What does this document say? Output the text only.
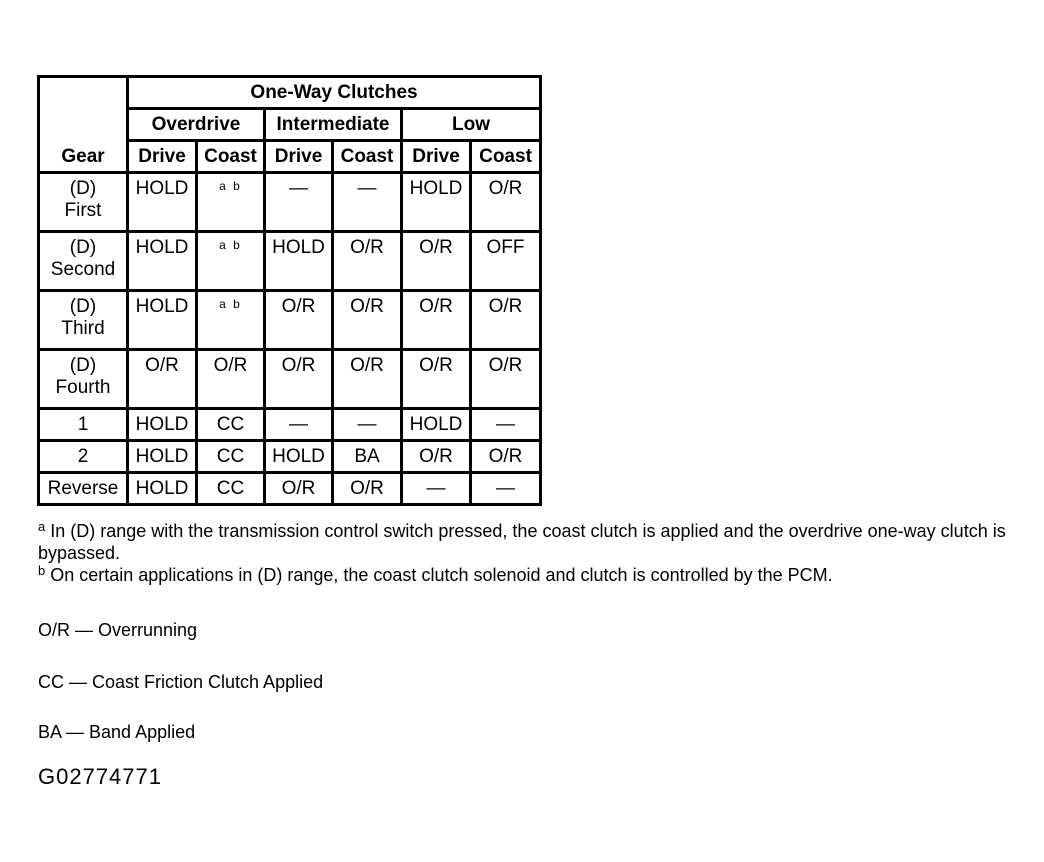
Gear	One-Way Clutches					
	Overdrive		Intermediate		Low	
	Drive	Coast	Drive	Coast	Drive	Coast

(D)
First	HOLD	$^{a b}$	—	—	HOLD	O/R

(D)
Second	HOLD	$^{a b}$	HOLD	O/R	O/R	OFF

(D)
Third	HOLD	$^{a b}$	O/R	O/R	O/R	O/R

(D)
Fourth	O/R	O/R	O/R	O/R	O/R	O/R

1	HOLD	CC	—	—	HOLD	—

2	HOLD	CC	HOLD	BA	O/R	O/R

Reverse	HOLD	CC	O/R	O/R	—	—

$^a$ In (D) range with the transmission control switch pressed, the coast clutch is applied and the overdrive one-way clutch is bypassed.

$^b$ On certain applications in (D) range, the coast clutch solenoid and clutch is controlled by the PCM.

O/R — Overrunning
CC — Coast Friction Clutch Applied
BA — Band Applied
G02774771
